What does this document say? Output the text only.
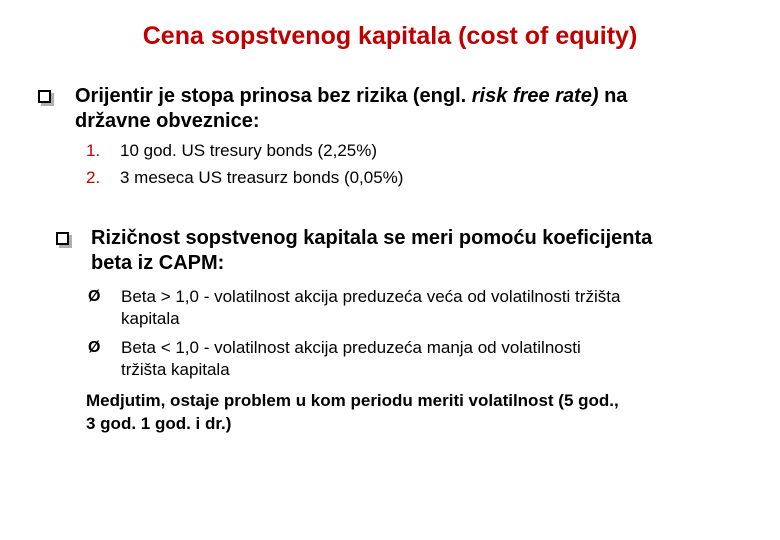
Cena sopstvenog kapitala (cost of equity)
Orijentir je stopa prinosa bez rizika (engl. risk free rate) na
državne obveznice:
1. 10 god. US tresury bonds (2,25%)
2. 3 meseca US treasurz bonds (0,05%)
Rizičnost sopstvenog kapitala se meri pomoću koeficijenta
beta iz CAPM:
Ø Beta > 1,0 - volatilnost akcija preduzeća veća od volatilnosti tržišta
kapitala
Ø Beta < 1,0 - volatilnost akcija preduzeća manja od volatilnosti
tržišta kapitala
Medjutim, ostaje problem u kom periodu meriti volatilnost (5 god.,
3 god. 1 god. i dr.)
